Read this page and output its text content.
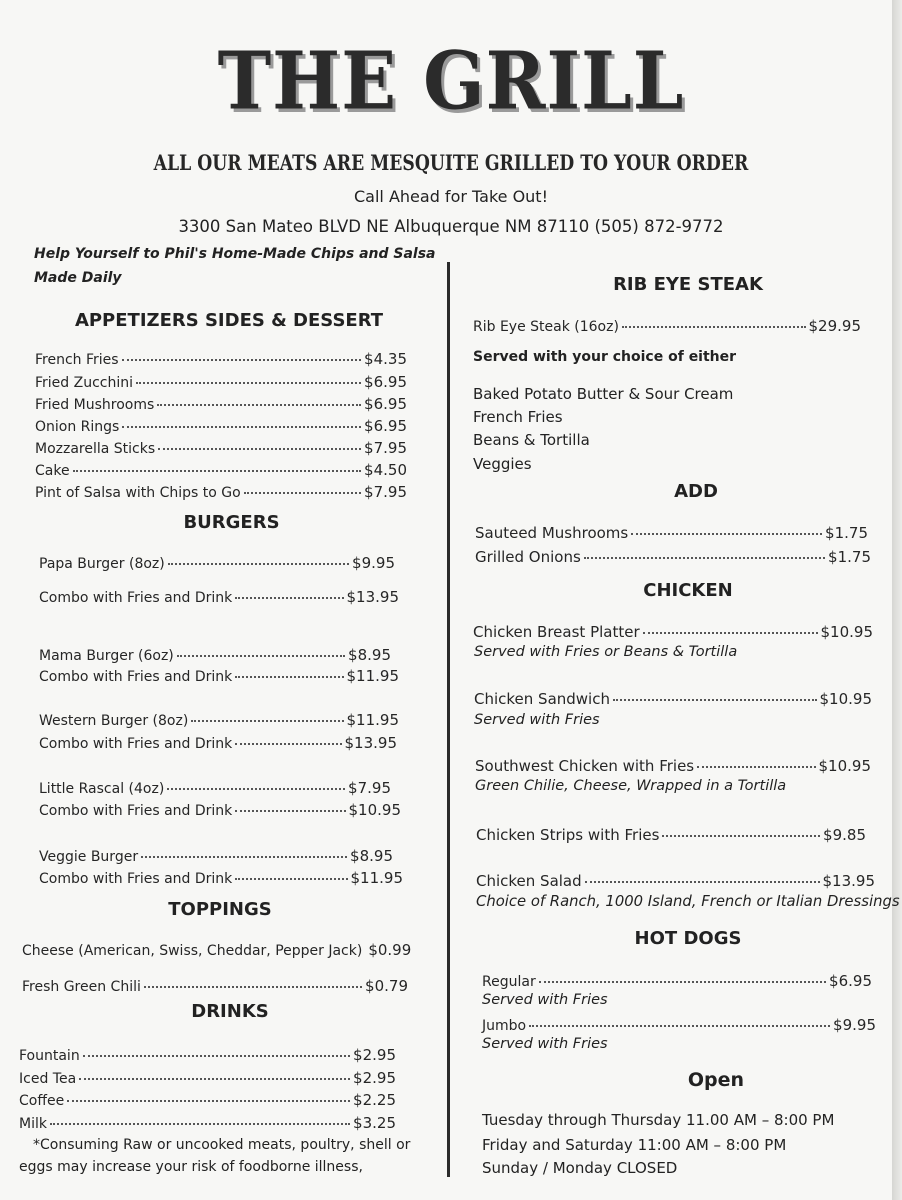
THE GRILL
ALL OUR MEATS ARE MESQUITE GRILLED TO YOUR ORDER
Call Ahead for Take Out!
3300 San Mateo BLVD NE Albuquerque NM 87110 (505) 872-9772
Help Yourself to Phil's Home-Made Chips and Salsa
Made Daily
APPETIZERS SIDES & DESSERT
French Fries	$4.35
Fried Zucchini	$6.95
Fried Mushrooms	$6.95
Onion Rings	$6.95
Mozzarella Sticks	$7.95
Cake	$4.50
Pint of Salsa with Chips to Go	$7.95
BURGERS
Papa Burger (8oz)	$9.95
Combo with Fries and Drink	$13.95
Mama Burger (6oz)	$8.95
Combo with Fries and Drink	$11.95
Western Burger (8oz)	$11.95
Combo with Fries and Drink	$13.95
Little Rascal (4oz)	$7.95
Combo with Fries and Drink	$10.95
Veggie Burger	$8.95
Combo with Fries and Drink	$11.95
TOPPINGS
Cheese (American, Swiss, Cheddar, Pepper Jack) $0.99
Fresh Green Chili	$0.79
DRINKS
Fountain	$2.95
Iced Tea	$2.95
Coffee	$2.25
Milk	$3.25
*Consuming Raw or uncooked meats, poultry, shell or
eggs may increase your risk of foodborne illness,
RIB EYE STEAK
Rib Eye Steak (16oz)	$29.95
Served with your choice of either
Baked Potato Butter & Sour Cream
French Fries
Beans & Tortilla
Veggies
ADD
Sauteed Mushrooms	$1.75
Grilled Onions	$1.75
CHICKEN
Chicken Breast Platter	$10.95
Served with Fries or Beans & Tortilla
Chicken Sandwich	$10.95
Served with Fries
Southwest Chicken with Fries	$10.95
Green Chilie, Cheese, Wrapped in a Tortilla
Chicken Strips with Fries	$9.85
Chicken Salad	$13.95
Choice of Ranch, 1000 Island, French or Italian Dressings
HOT DOGS
Regular	$6.95
Served with Fries
Jumbo	$9.95
Served with Fries
Open
Tuesday through Thursday 11.00 AM – 8:00 PM
Friday and Saturday 11:00 AM – 8:00 PM
Sunday / Monday CLOSED
